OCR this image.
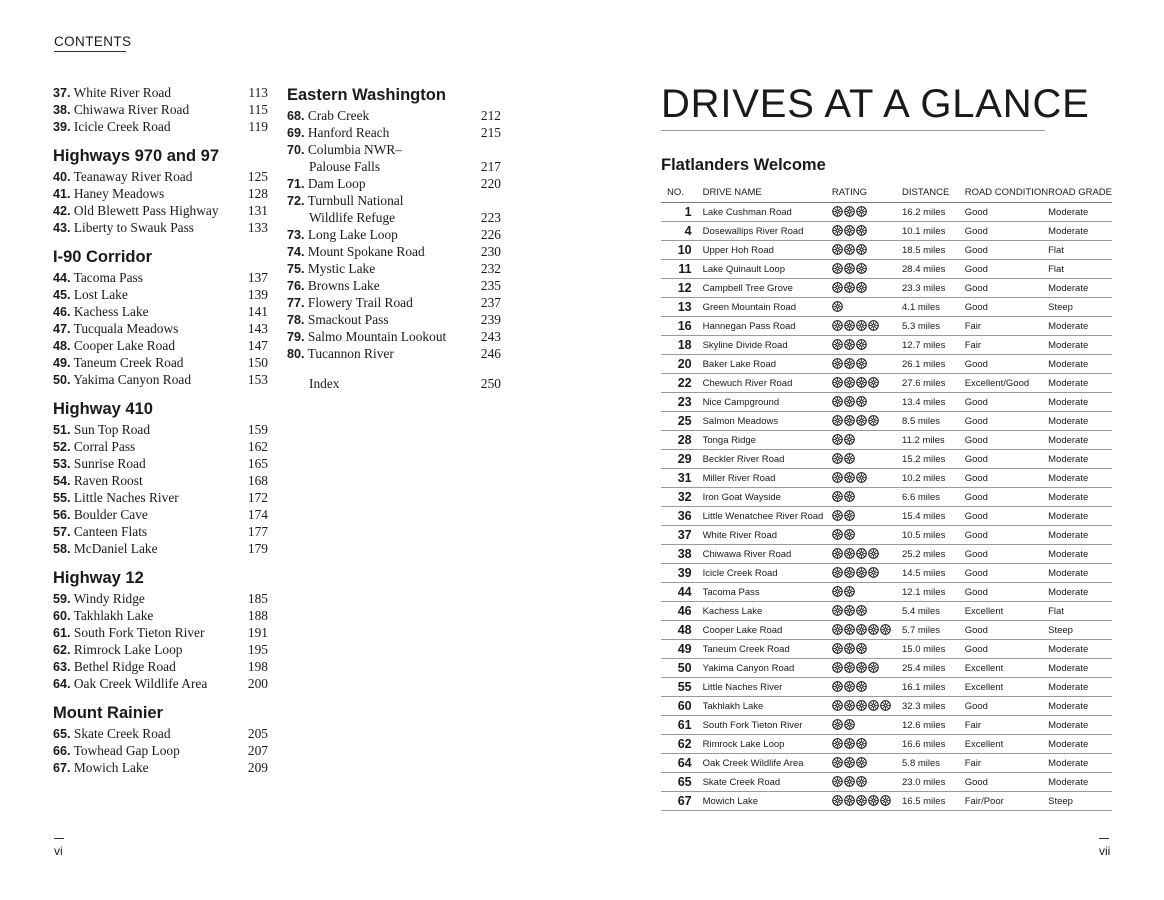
CONTENTS
37. White River Road	113
38. Chiwawa River Road	115
39. Icicle Creek Road	119
Highways 970 and 97
40. Teanaway River Road	125
41. Haney Meadows	128
42. Old Blewett Pass Highway 131
43. Liberty to Swauk Pass	133
I-90 Corridor
44. Tacoma Pass	137
45. Lost Lake	139
46. Kachess Lake	141
47. Tucquala Meadows	143
48. Cooper Lake Road	147
49. Taneum Creek Road	150
50. Yakima Canyon Road	153
Highway 410
51. Sun Top Road	159
52. Corral Pass	162
53. Sunrise Road	165
54. Raven Roost	168
55. Little Naches River	172
56. Boulder Cave	174
57. Canteen Flats	177
58. McDaniel Lake	179
Highway 12
59. Windy Ridge	185
60. Takhlakh Lake	188
61. South Fork Tieton River	191
62. Rimrock Lake Loop	195
63. Bethel Ridge Road	198
64. Oak Creek Wildlife Area	200
Mount Rainier
65. Skate Creek Road	205
66. Towhead Gap Loop	207
67. Mowich Lake	209
Eastern Washington
68. Crab Creek	212
69. Hanford Reach	215
70. Columbia NWR–
Palouse Falls	217
71. Dam Loop	220
72. Turnbull National
Wildlife Refuge	223
73. Long Lake Loop	226
74. Mount Spokane Road	230
75. Mystic Lake	232
76. Browns Lake	235
77. Flowery Trail Road	237
78. Smackout Pass	239
79. Salmo Mountain Lookout	243
80. Tucannon River	246
Index	250
vi
DRIVES AT A GLANCE
Flatlanders Welcome
NO.	DRIVE NAME	RATING	DISTANCE	ROAD CONDITION	ROAD GRADE
1	Lake Cushman Road		16.2 miles	Good	Moderate
4	Dosewallips River Road		10.1 miles	Good	Moderate
10	Upper Hoh Road		18.5 miles	Good	Flat
11	Lake Quinault Loop		28.4 miles	Good	Flat
12	Campbell Tree Grove		23.3 miles	Good	Moderate
13	Green Mountain Road		4.1 miles	Good	Steep
16	Hannegan Pass Road		5.3 miles	Fair	Moderate
18	Skyline Divide Road		12.7 miles	Fair	Moderate
20	Baker Lake Road		26.1 miles	Good	Moderate
22	Chewuch River Road		27.6 miles	Excellent/Good	Moderate
23	Nice Campground		13.4 miles	Good	Moderate
25	Salmon Meadows		8.5 miles	Good	Moderate
28	Tonga Ridge		11.2 miles	Good	Moderate
29	Beckler River Road		15.2 miles	Good	Moderate
31	Miller River Road		10.2 miles	Good	Moderate
32	Iron Goat Wayside		6.6 miles	Good	Moderate
36	Little Wenatchee River Road		15.4 miles	Good	Moderate
37	White River Road		10.5 miles	Good	Moderate
38	Chiwawa River Road		25.2 miles	Good	Moderate
39	Icicle Creek Road		14.5 miles	Good	Moderate
44	Tacoma Pass		12.1 miles	Good	Moderate
46	Kachess Lake		5.4 miles	Excellent	Flat
48	Cooper Lake Road		5.7 miles	Good	Steep
49	Taneum Creek Road		15.0 miles	Good	Moderate
50	Yakima Canyon Road		25.4 miles	Excellent	Moderate
55	Little Naches River		16.1 miles	Excellent	Moderate
60	Takhlakh Lake		32.3 miles	Good	Moderate
61	South Fork Tieton River		12.6 miles	Fair	Moderate
62	Rimrock Lake Loop		16.6 miles	Excellent	Moderate
64	Oak Creek Wildlife Area		5.8 miles	Fair	Moderate
65	Skate Creek Road		23.0 miles	Good	Moderate
67	Mowich Lake		16.5 miles	Fair/Poor	Steep
vii
